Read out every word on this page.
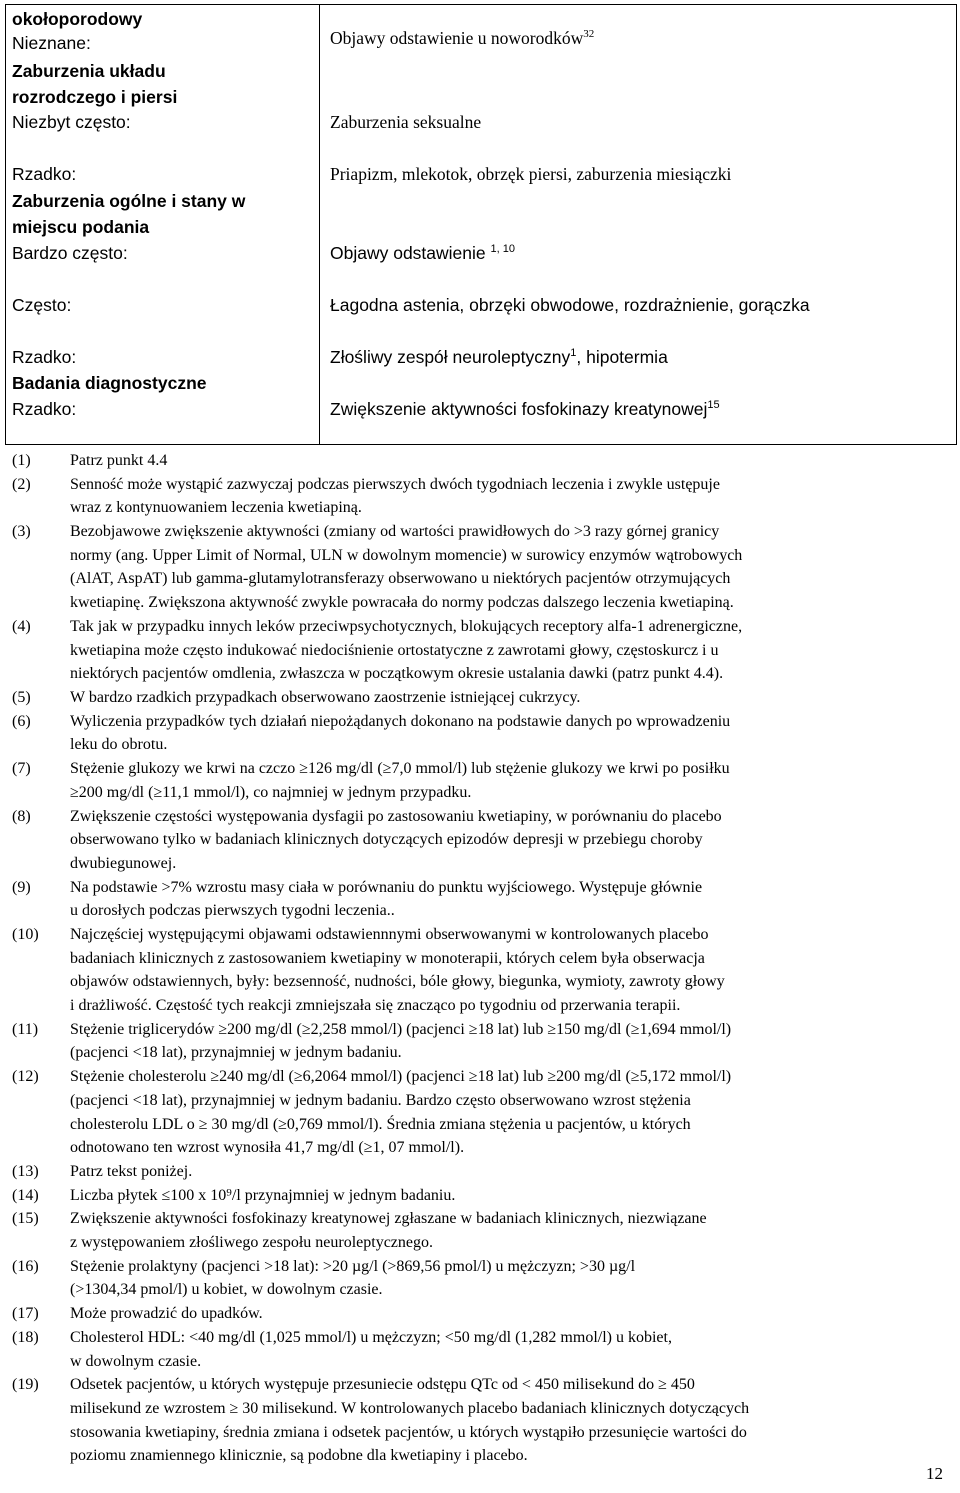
okołoporodowy
Nieznane:
Zaburzenia układu
rozrodczego i piersi
Niezbyt często:
Rzadko:
Zaburzenia ogólne i stany w
miejscu podania
Bardzo często:
Często:
Rzadko:
Badania diagnostyczne
Rzadko:
Objawy odstawienie u noworodków$^{32}$
Zaburzenia seksualne
Priapizm, mlekotok, obrzęk piersi, zaburzenia miesiączki
Objawy odstawienie $^{1, 10}$
Łagodna astenia, obrzęki obwodowe, rozdrażnienie, gorączka
Złośliwy zespół neuroleptyczny$^1$, hipotermia
Zwiększenie aktywności fosfokinazy kreatynowej$^{15}$
(1) Patrz punkt 4.4
(2) Senność może wystąpić zazwyczaj podczas pierwszych dwóch tygodniach leczenia i zwykle ustępuje
wraz z kontynuowaniem leczenia kwetiapiną.
(3) Bezobjawowe zwiększenie aktywności (zmiany od wartości prawidłowych do >3 razy górnej granicy
normy (ang. Upper Limit of Normal, ULN w dowolnym momencie) w surowicy enzymów wątrobowych
(AlAT, AspAT) lub gamma-glutamylotransferazy obserwowano u niektórych pacjentów otrzymujących
kwetiapinę. Zwiększona aktywność zwykle powracała do normy podczas dalszego leczenia kwetiapiną.
(4) Tak jak w przypadku innych leków przeciwpsychotycznych, blokujących receptory alfa-1 adrenergiczne,
kwetiapina może często indukować niedociśnienie ortostatyczne z zawrotami głowy, częstoskurcz i u
niektórych pacjentów omdlenia, zwłaszcza w początkowym okresie ustalania dawki (patrz punkt 4.4).
(5) W bardzo rzadkich przypadkach obserwowano zaostrzenie istniejącej cukrzycy.
(6) Wyliczenia przypadków tych działań niepożądanych dokonano na podstawie danych po wprowadzeniu
leku do obrotu.
(7) Stężenie glukozy we krwi na czczo ≥126 mg/dl (≥7,0 mmol/l) lub stężenie glukozy we krwi po posiłku
≥200 mg/dl (≥11,1 mmol/l), co najmniej w jednym przypadku.
(8) Zwiększenie częstości występowania dysfagii po zastosowaniu kwetiapiny, w porównaniu do placebo
obserwowano tylko w badaniach klinicznych dotyczących epizodów depresji w przebiegu choroby
dwubiegunowej.
(9) Na podstawie >7% wzrostu masy ciała w porównaniu do punktu wyjściowego. Występuje głównie
u dorosłych podczas pierwszych tygodni leczenia..
(10) Najczęściej występującymi objawami odstawiennnymi obserwowanymi w kontrolowanych placebo
badaniach klinicznych z zastosowaniem kwetiapiny w monoterapii, których celem była obserwacja
objawów odstawiennych, były: bezsenność, nudności, bóle głowy, biegunka, wymioty, zawroty głowy
i drażliwość. Częstość tych reakcji zmniejszała się znacząco po tygodniu od przerwania terapii.
(11) Stężenie triglicerydów ≥200 mg/dl (≥2,258 mmol/l) (pacjenci ≥18 lat) lub ≥150 mg/dl (≥1,694 mmol/l)
(pacjenci <18 lat), przynajmniej w jednym badaniu.
(12) Stężenie cholesterolu ≥240 mg/dl (≥6,2064 mmol/l) (pacjenci ≥18 lat) lub ≥200 mg/dl (≥5,172 mmol/l)
(pacjenci <18 lat), przynajmniej w jednym badaniu. Bardzo często obserwowano wzrost stężenia
cholesterolu LDL o ≥ 30 mg/dl (≥0,769 mmol/l). Średnia zmiana stężenia u pacjentów, u których
odnotowano ten wzrost wynosiła 41,7 mg/dl (≥1, 07 mmol/l).
(13) Patrz tekst poniżej.
(14) Liczba płytek ≤100 x 10⁹/l przynajmniej w jednym badaniu.
(15) Zwiększenie aktywności fosfokinazy kreatynowej zgłaszane w badaniach klinicznych, niezwiązane
z występowaniem złośliwego zespołu neuroleptycznego.
(16) Stężenie prolaktyny (pacjenci >18 lat): >20 µg/l (>869,56 pmol/l) u mężczyzn; >30 µg/l
(>1304,34 pmol/l) u kobiet, w dowolnym czasie.
(17) Może prowadzić do upadków.
(18) Cholesterol HDL: <40 mg/dl (1,025 mmol/l) u mężczyzn; <50 mg/dl (1,282 mmol/l) u kobiet,
w dowolnym czasie.
(19) Odsetek pacjentów, u których występuje przesuniecie odstępu QTc od < 450 milisekund do ≥ 450
milisekund ze wzrostem ≥ 30 milisekund. W kontrolowanych placebo badaniach klinicznych dotyczących
stosowania kwetiapiny, średnia zmiana i odsetek pacjentów, u których wystąpiło przesunięcie wartości do
poziomu znamiennego klinicznie, są podobne dla kwetiapiny i placebo.
12
